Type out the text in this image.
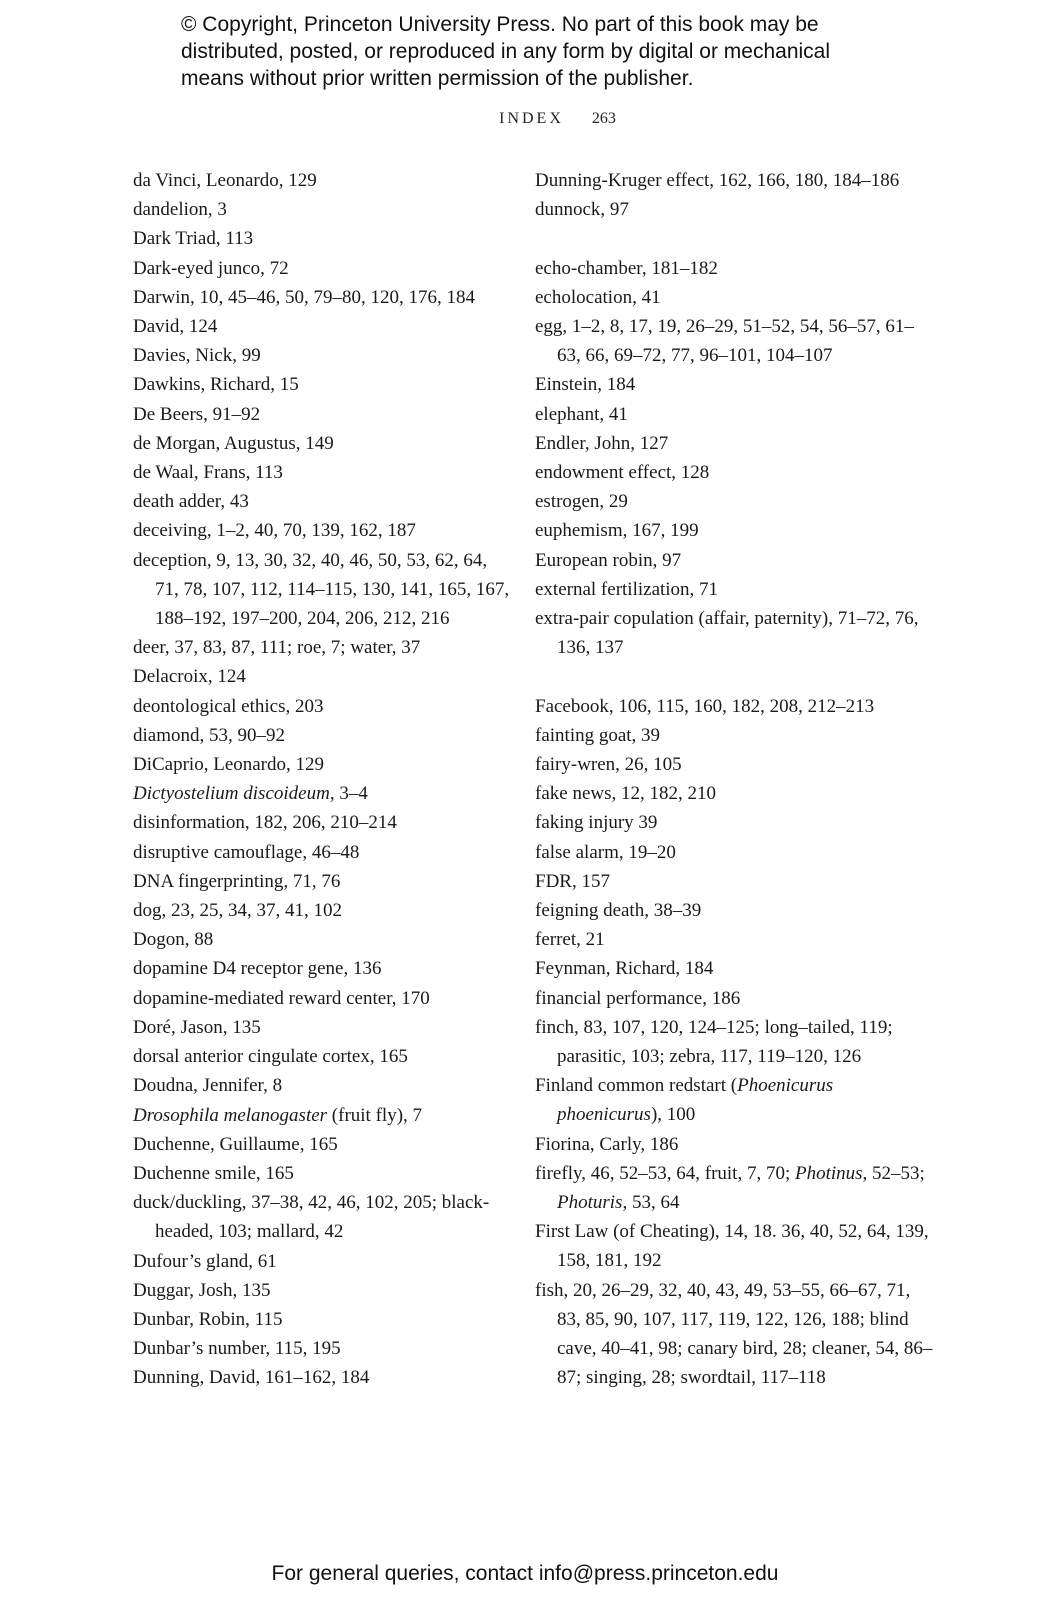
© Copyright, Princeton University Press. No part of this book may be
distributed, posted, or reproduced in any form by digital or mechanical
means without prior written permission of the publisher.
INDEX 263
da Vinci, Leonardo, 129
dandelion, 3
Dark Triad, 113
Dark-eyed junco, 72
Darwin, 10, 45–46, 50, 79–80, 120, 176, 184
David, 124
Davies, Nick, 99
Dawkins, Richard, 15
De Beers, 91–92
de Morgan, Augustus, 149
de Waal, Frans, 113
death adder, 43
deceiving, 1–2, 40, 70, 139, 162, 187
deception, 9, 13, 30, 32, 40, 46, 50, 53, 62, 64, 71, 78, 107, 112, 114–115, 130, 141, 165, 167, 188–192, 197–200, 204, 206, 212, 216
deer, 37, 83, 87, 111; roe, 7; water, 37
Delacroix, 124
deontological ethics, 203
diamond, 53, 90–92
DiCaprio, Leonardo, 129
Dictyostelium discoideum, 3–4
disinformation, 182, 206, 210–214
disruptive camouflage, 46–48
DNA fingerprinting, 71, 76
dog, 23, 25, 34, 37, 41, 102
Dogon, 88
dopamine D4 receptor gene, 136
dopamine-mediated reward center, 170
Doré, Jason, 135
dorsal anterior cingulate cortex, 165
Doudna, Jennifer, 8
Drosophila melanogaster (fruit fly), 7
Duchenne, Guillaume, 165
Duchenne smile, 165
duck/duckling, 37–38, 42, 46, 102, 205; black-headed, 103; mallard, 42
Dufour’s gland, 61
Duggar, Josh, 135
Dunbar, Robin, 115
Dunbar’s number, 115, 195
Dunning, David, 161–162, 184
Dunning-Kruger effect, 162, 166, 180, 184–186
dunnock, 97
echo-chamber, 181–182
echolocation, 41
egg, 1–2, 8, 17, 19, 26–29, 51–52, 54, 56–57, 61–63, 66, 69–72, 77, 96–101, 104–107
Einstein, 184
elephant, 41
Endler, John, 127
endowment effect, 128
estrogen, 29
euphemism, 167, 199
European robin, 97
external fertilization, 71
extra-pair copulation (affair, paternity), 71–72, 76, 136, 137
Facebook, 106, 115, 160, 182, 208, 212–213
fainting goat, 39
fairy-wren, 26, 105
fake news, 12, 182, 210
faking injury 39
false alarm, 19–20
FDR, 157
feigning death, 38–39
ferret, 21
Feynman, Richard, 184
financial performance, 186
finch, 83, 107, 120, 124–125; long–tailed, 119; parasitic, 103; zebra, 117, 119–120, 126
Finland common redstart (Phoenicurus phoenicurus), 100
Fiorina, Carly, 186
firefly, 46, 52–53, 64, fruit, 7, 70; Photinus, 52–53; Photuris, 53, 64
First Law (of Cheating), 14, 18. 36, 40, 52, 64, 139, 158, 181, 192
fish, 20, 26–29, 32, 40, 43, 49, 53–55, 66–67, 71, 83, 85, 90, 107, 117, 119, 122, 126, 188; blind cave, 40–41, 98; canary bird, 28; cleaner, 54, 86–87; singing, 28; swordtail, 117–118
For general queries, contact info@press.princeton.edu
